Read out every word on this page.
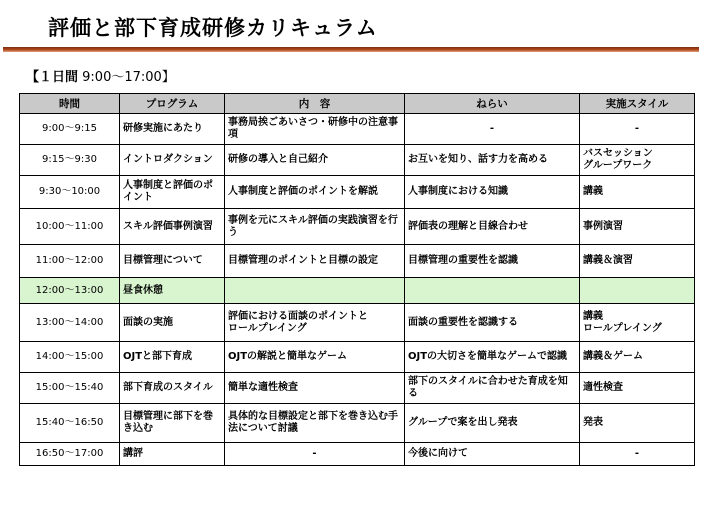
評価と部下育成研修カリキュラム
【１日間 9:00～17:00】
時間	プログラム	内　容	ねらい	実施スタイル
9:00～9:15	研修実施にあたり	事務局挨ごあいさつ・研修中の注意事項	-	-
9:15～9:30	イントロダクション	研修の導入と自己紹介	お互いを知り、話す力を高める	バスセッション
グループワーク
9:30～10:00	人事制度と評価のポイント	人事制度と評価のポイントを解説	人事制度における知識	講義
10:00～11:00	スキル評価事例演習	事例を元にスキル評価の実践演習を行う	評価表の理解と目線合わせ	事例演習
11:00～12:00	目標管理について	目標管理のポイントと目標の設定	目標管理の重要性を認識	講義＆演習
12:00～13:00	昼食休憩			
13:00～14:00	面談の実施	評価における面談のポイントと
ロールプレイング	面談の重要性を認識する	講義
ロールプレイング
14:00～15:00	OJTと部下育成	OJTの解説と簡単なゲーム	OJTの大切さを簡単なゲームで認識	講義＆ゲーム
15:00～15:40	部下育成のスタイル	簡単な適性検査	部下のスタイルに合わせた育成を知る	適性検査
15:40～16:50	目標管理に部下を巻き込む	具体的な目標設定と部下を巻き込む手法について討議	グループで案を出し発表	発表
16:50～17:00	講評	-	今後に向けて	-
